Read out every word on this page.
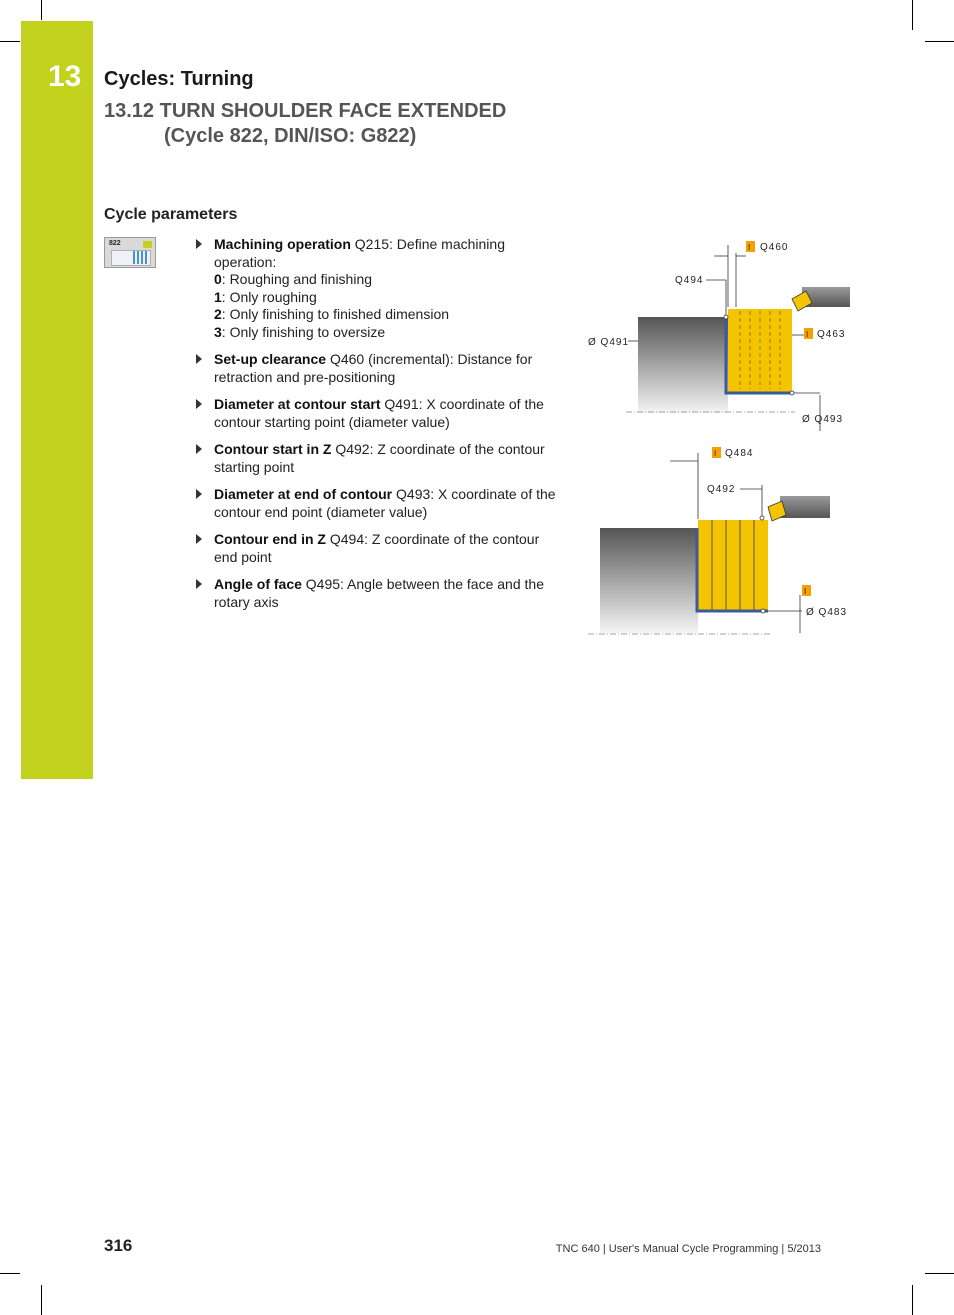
13 Cycles: Turning
13.12 TURN SHOULDER FACE EXTENDED
(Cycle 822, DIN/ISO: G822)
Cycle parameters
822	Machining operation Q215: Define machining operation:
0: Roughing and finishing
1: Only roughing
2: Only finishing to finished dimension
3: Only finishing to oversize
Set-up clearance Q460 (incremental): Distance for retraction and pre-positioning
Diameter at contour start Q491: X coordinate of the contour starting point (diameter value)
Contour start in Z Q492: Z coordinate of the contour starting point
Diameter at end of contour Q493: X coordinate of the contour end point (diameter value)
Contour end in Z Q494: Z coordinate of the contour end point
Angle of face Q495: Angle between the face and the rotary axis
I Q460
Q494
Ø Q491
I Q463
Ø Q493
I Q484
Q492
I
Ø Q483
316	TNC 640 | User's Manual Cycle Programming | 5/2013
